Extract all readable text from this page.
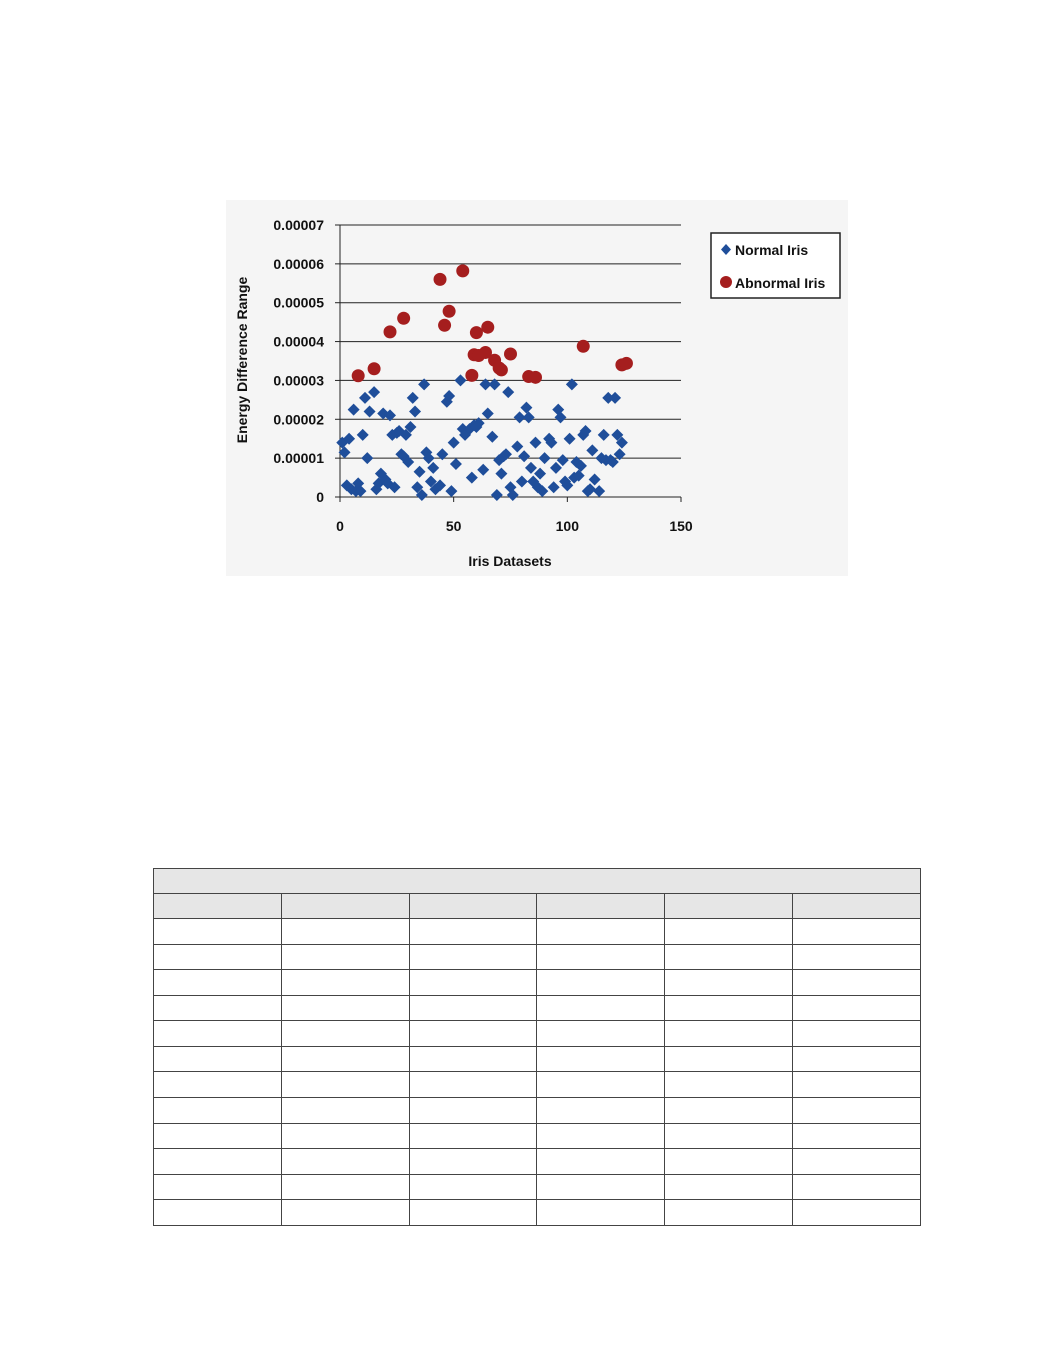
0
0.00001
0.00002
0.00003
0.00004
0.00005
0.00006
0.00007
0	50	100	150
Iris Datasets
Energy Difference Range
Normal Iris
Abnormal Iris
